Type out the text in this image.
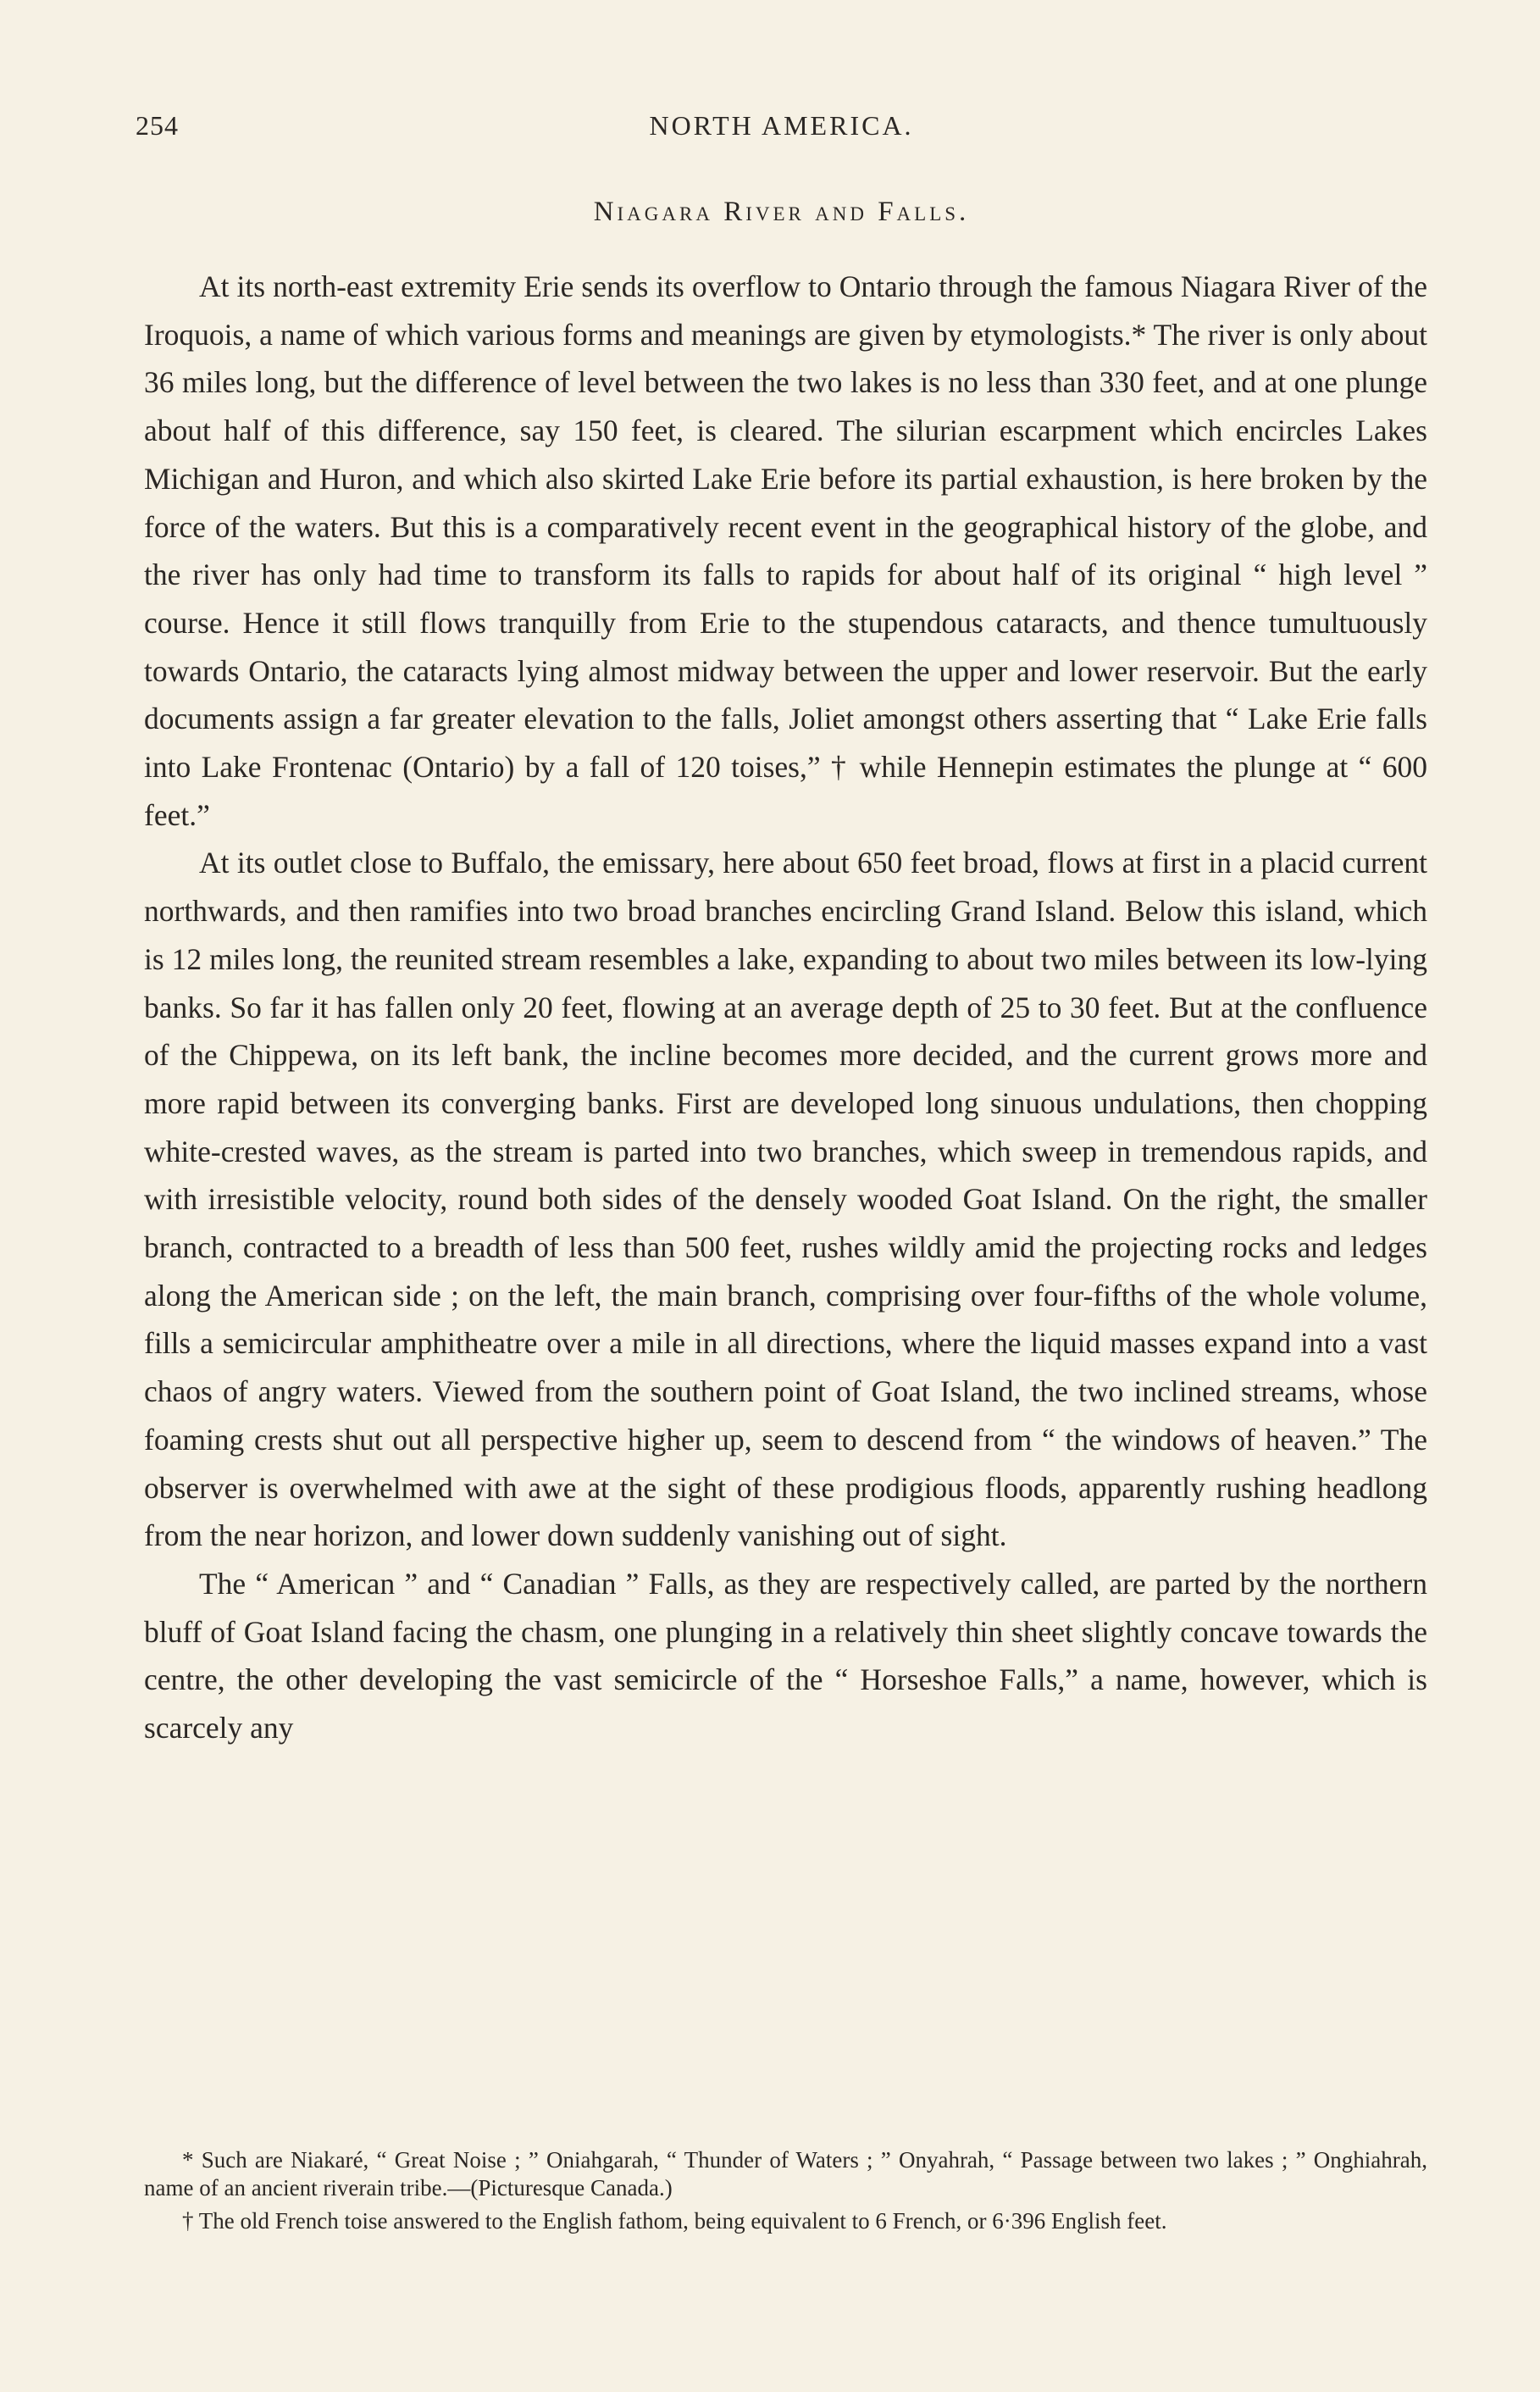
254	NORTH AMERICA.
Niagara River and Falls.

At its north-east extremity Erie sends its overflow to Ontario through the famous Niagara River of the Iroquois, a name of which various forms and meanings are given by etymologists.* The river is only about 36 miles long, but the difference of level between the two lakes is no less than 330 feet, and at one plunge about half of this difference, say 150 feet, is cleared. The silurian escarpment which encircles Lakes Michigan and Huron, and which also skirted Lake Erie before its partial exhaustion, is here broken by the force of the waters. But this is a comparatively recent event in the geographical history of the globe, and the river has only had time to transform its falls to rapids for about half of its original “ high level ” course. Hence it still flows tranquilly from Erie to the stupendous cataracts, and thence tumultuously towards Ontario, the cataracts lying almost midway between the upper and lower reservoir. But the early documents assign a far greater elevation to the falls, Joliet amongst others asserting that “ Lake Erie falls into Lake Frontenac (Ontario) by a fall of 120 toises,” † while Hennepin estimates the plunge at “ 600 feet.”

At its outlet close to Buffalo, the emissary, here about 650 feet broad, flows at first in a placid current northwards, and then ramifies into two broad branches encircling Grand Island. Below this island, which is 12 miles long, the reunited stream resembles a lake, expanding to about two miles between its low-lying banks. So far it has fallen only 20 feet, flowing at an average depth of 25 to 30 feet. But at the confluence of the Chippewa, on its left bank, the incline becomes more decided, and the current grows more and more rapid between its converging banks. First are developed long sinuous undulations, then chopping white-crested waves, as the stream is parted into two branches, which sweep in tremendous rapids, and with irresistible velocity, round both sides of the densely wooded Goat Island. On the right, the smaller branch, contracted to a breadth of less than 500 feet, rushes wildly amid the projecting rocks and ledges along the American side ; on the left, the main branch, comprising over four-fifths of the whole volume, fills a semicircular amphitheatre over a mile in all directions, where the liquid masses expand into a vast chaos of angry waters. Viewed from the southern point of Goat Island, the two inclined streams, whose foaming crests shut out all perspective higher up, seem to descend from “ the windows of heaven.” The observer is overwhelmed with awe at the sight of these prodigious floods, apparently rushing headlong from the near horizon, and lower down suddenly vanishing out of sight.

The “ American ” and “ Canadian ” Falls, as they are respectively called, are parted by the northern bluff of Goat Island facing the chasm, one plunging in a relatively thin sheet slightly concave towards the centre, the other developing the vast semicircle of the “ Horseshoe Falls,” a name, however, which is scarcely any

* Such are Niakaré, “ Great Noise ; ” Oniahgarah, “ Thunder of Waters ; ” Onyahrah, “ Passage between two lakes ; ” Onghiahrah, name of an ancient riverain tribe.—(Picturesque Canada.)

† The old French toise answered to the English fathom, being equivalent to 6 French, or 6·396 English feet.
